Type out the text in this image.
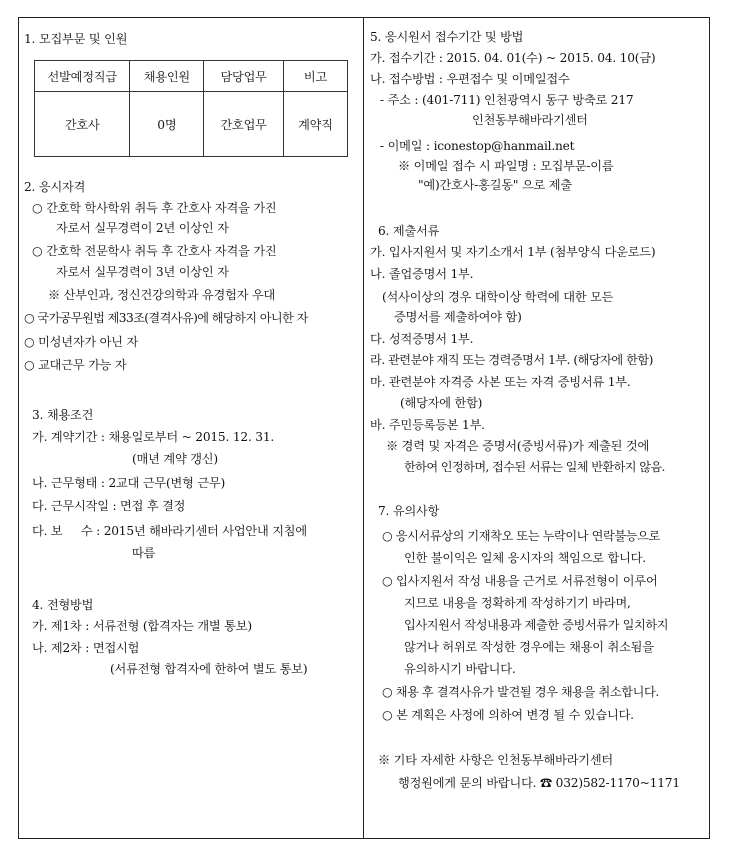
1. 모집부문 및 인원
선발예정직급	채용인원	담당업무	비고
간호사	0명	간호업무	계약직
2. 응시자격
○ 간호학 학사학위 취득 후 간호사 자격을 가진
자로서 실무경력이 2년 이상인 자
○ 간호학 전문학사 취득 후 간호사 자격을 가진
자로서 실무경력이 3년 이상인 자
※ 산부인과, 정신건강의학과 유경험자 우대
○ 국가공무원법 제33조(결격사유)에 해당하지 아니한 자
○ 미성년자가 아닌 자
○ 교대근무 가능 자
3. 채용조건
가. 계약기간 : 채용일로부터 ~ 2015. 12. 31.
(매년 계약 갱신)
나. 근무형태 : 2교대 근무(변형 근무)
다. 근무시작일 : 면접 후 결정
다. 보     수 : 2015년 해바라기센터 사업안내 지침에
따름
4. 전형방법
가. 제1차 : 서류전형 (합격자는 개별 통보)
나. 제2차 : 면접시험
(서류전형 합격자에 한하여 별도 통보)
5. 응시원서 접수기간 및 방법
가. 접수기간 : 2015. 04. 01(수) ~ 2015. 04. 10(금)
나. 접수방법 : 우편접수 및 이메일접수
- 주소 : (401-711) 인천광역시 동구 방축로 217
인천동부해바라기센터
- 이메일 : iconestop@hanmail.net
※ 이메일 접수 시 파일명 : 모집부문-이름
"예)간호사-홍길동" 으로 제출
6. 제출서류
가. 입사지원서 및 자기소개서 1부 (첨부양식 다운로드)
나. 졸업증명서 1부.
(석사이상의 경우 대학이상 학력에 대한 모든
증명서를 제출하여야 함)
다. 성적증명서 1부.
라. 관련분야 재직 또는 경력증명서 1부. (해당자에 한함)
마. 관련분야 자격증 사본 또는 자격 증빙서류 1부.
(해당자에 한함)
바. 주민등록등본 1부.
※ 경력 및 자격은 증명서(증빙서류)가 제출된 것에
한하여 인정하며, 접수된 서류는 일체 반환하지 않음.
7. 유의사항
○ 응시서류상의 기재착오 또는 누락이나 연락불능으로
인한 불이익은 일체 응시자의 책임으로 합니다.
○ 입사지원서 작성 내용을 근거로 서류전형이 이루어
지므로 내용을 정확하게 작성하기기 바라며,
입사지원서 작성내용과 제출한 증빙서류가 일치하지
않거나 허위로 작성한 경우에는 채용이 취소됨을
유의하시기 바랍니다.
○ 채용 후 결격사유가 발견될 경우 채용을 취소합니다.
○ 본 계획은 사정에 의하여 변경 될 수 있습니다.
※ 기타 자세한 사항은 인천동부해바라기센터
행정원에게 문의 바랍니다. ☎ 032)582-1170~1171
